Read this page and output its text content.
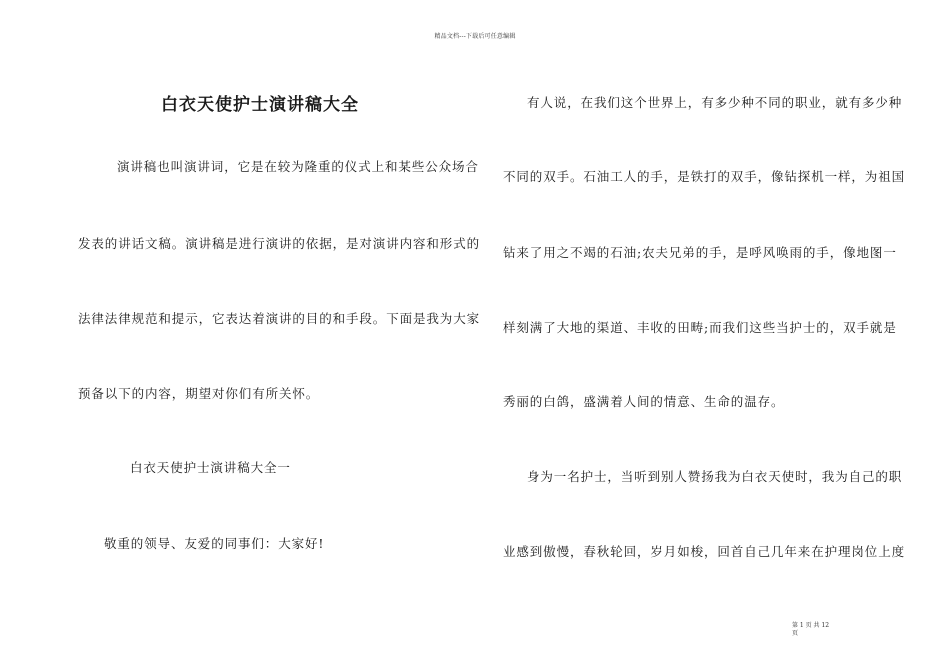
精品文档---下载后可任意编辑
白衣天使护士演讲稿大全
演讲稿也叫演讲词，它是在较为隆重的仪式上和某些公众场合
发表的讲话文稿。演讲稿是进行演讲的依据，是对演讲内容和形式的
法律法律规范和提示，它表达着演讲的目的和手段。下面是我为大家
预备以下的内容，期望对你们有所关怀。
白衣天使护士演讲稿大全一
敬重的领导、友爱的同事们：大家好!
有人说，在我们这个世界上，有多少种不同的职业，就有多少种
不同的双手。石油工人的手，是铁打的双手，像钻探机一样，为祖国
钻来了用之不竭的石油;农夫兄弟的手，是呼风唤雨的手，像地图一
样刻满了大地的渠道、丰收的田畴;而我们这些当护士的，双手就是
秀丽的白鸽，盛满着人间的情意、生命的温存。
身为一名护士，当听到别人赞扬我为白衣天使时，我为自己的职
业感到傲慢，春秋轮回，岁月如梭，回首自己几年来在护理岗位上度
第 1 页 共 12
页
